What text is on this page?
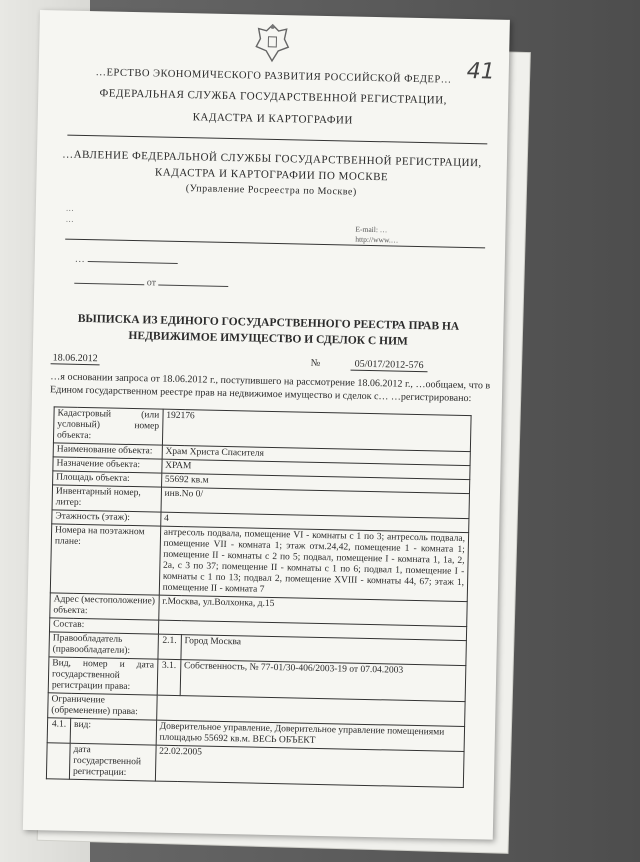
41
…ЕРСТВО ЭКОНОМИЧЕСКОГО РАЗВИТИЯ РОССИЙСКОЙ ФЕДЕР…
ФЕДЕРАЛЬНАЯ СЛУЖБА ГОСУДАРСТВЕННОЙ РЕГИСТРАЦИИ,
КАДАСТРА И КАРТОГРАФИИ
…АВЛЕНИЕ ФЕДЕРАЛЬНОЙ СЛУЖБЫ ГОСУДАРСТВЕННОЙ РЕГИСТРАЦИИ,
КАДАСТРА И КАРТОГРАФИИ ПО МОСКВЕ
(Управление Росреестра по Москве)
…
…
E-mail: …
http://www.…
…
от
ВЫПИСКА ИЗ ЕДИНОГО ГОСУДАРСТВЕННОГО РЕЕСТРА ПРАВ НА
НЕДВИЖИМОЕ ИМУЩЕСТВО И СДЕЛОК С НИМ
18.06.2012	№	05/017/2012-576
…я основании запроса от 18.06.2012 г., поступившего на рассмотрение 18.06.2012 г., …ообщаем, что в Едином государственном реестре прав на недвижимое имущество и сделок с… …регистрировано:
Кадастровый (или условный) номер объекта:		192176	
Наименование объекта:		Храм Христа Спасителя	
Назначение объекта:		ХРАМ	
Площадь объекта:		55692 кв.м	
Инвентарный номер, литер:		инв.No 0/	
Этажность (этаж):		4	
Номера на поэтажном плане:		антресоль подвала, помещение VI - комнаты с 1 по 3; антресоль подвала, помещение VII - комната 1; этаж отм.24,42, помещение 1 - комната 1; помещение II - комнаты с 2 по 5; подвал, помещение I - комната 1, 1а, 2, 2а, с 3 по 37; помещение II - комнаты с 1 по 6; подвал 1, помещение I - комнаты с 1 по 13; подвал 2, помещение XVIII - комнаты 44, 67; этаж 1, помещение II - комната 7	
Адрес (местоположение) объекта:		г.Москва, ул.Волхонка, д.15	
Состав:			
Правообладатель (правообладатели):		2.1.	Город Москва
Вид, номер и дата государственной регистрации права:		3.1.	Собственность, № 77-01/30-406/2003-19 от 07.04.2003
Ограничение (обременение) права:			
4.1.	вид:	Доверительное управление, Доверительное управление помещениями площадью 55692 кв.м. ВЕСЬ ОБЪЕКТ	
	дата государственной регистрации:	22.02.2005	
